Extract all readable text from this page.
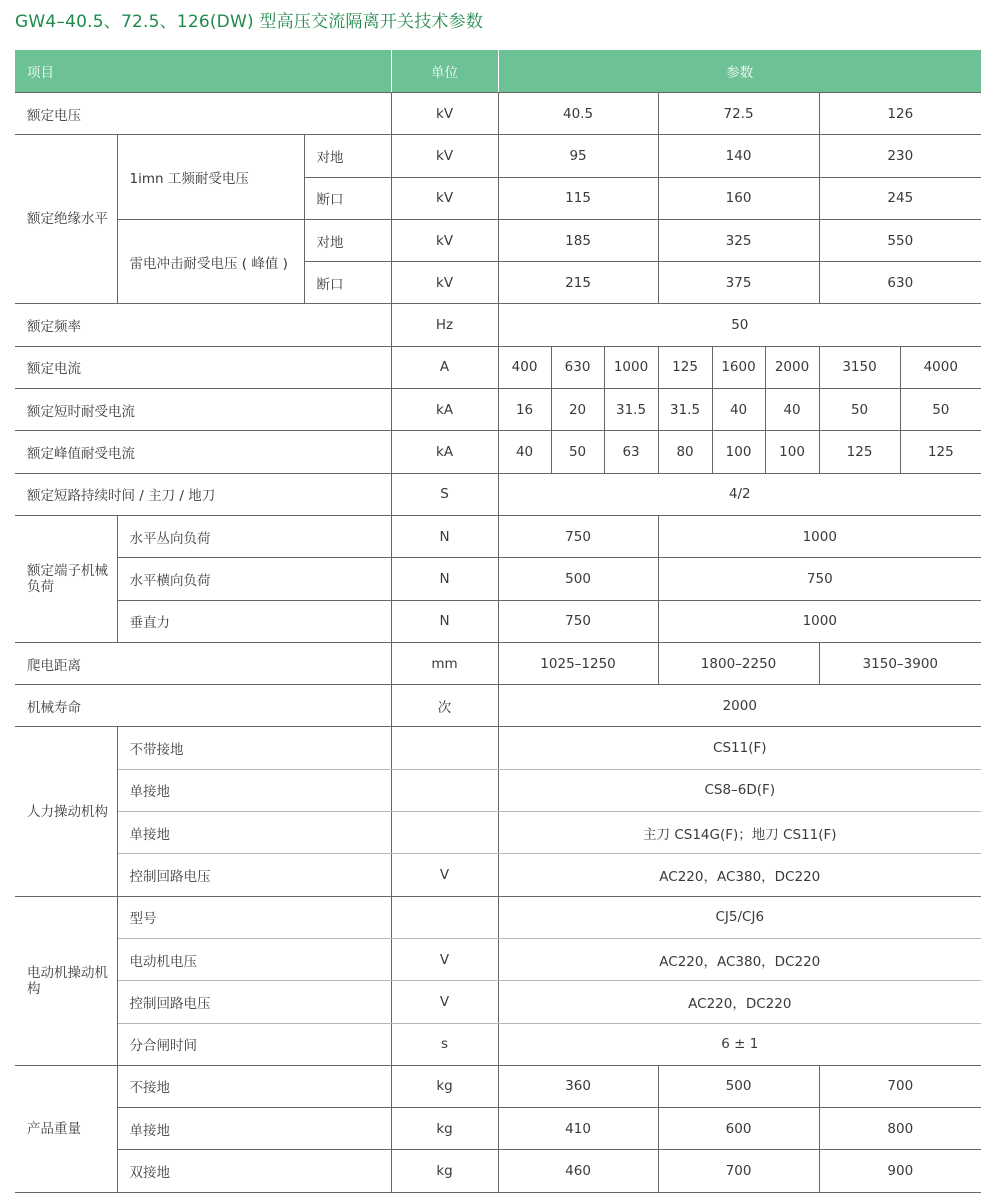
GW4–40.5、72.5、126(DW) 型高压交流隔离开关技术参数
项目			单位	参数							
额定电压			kV	40.5			72.5			126	
额定绝缘水平	1imn 工频耐受电压	对地	kV	95			140			230	
		断口	kV	115			160			245	
	雷电冲击耐受电压 ( 峰值 )	对地	kV	185			325			550	
		断口	kV	215			375			630	
额定频率			Hz	50							
额定电流			A	400	630	1000	125	1600	2000	3150	4000
额定短时耐受电流			kA	16	20	31.5	31.5	40	40	50	50
额定峰值耐受电流			kA	40	50	63	80	100	100	125	125
额定短路持续时间 / 主刀 / 地刀			S	4/2							
额定端子机械负荷	水平丛向负荷		N	750			1000				
	水平横向负荷		N	500			750				
	垂直力		N	750			1000				
爬电距离			mm	1025–1250			1800–2250			3150–3900	
机械寿命			次	2000							
人力操动机构	不带接地			CS11(F)							
	单接地			CS8–6D(F)							
	单接地			主刀 CS14G(F)；地刀 CS11(F)							
	控制回路电压		V	AC220，AC380，DC220							
电动机操动机构	型号			CJ5/CJ6							
	电动机电压		V	AC220，AC380，DC220							
	控制回路电压		V	AC220，DC220							
	分合闸时间		s	6 ± 1							
产品重量	不接地		kg	360			500			700	
	单接地		kg	410			600			800	
	双接地		kg	460			700			900	
